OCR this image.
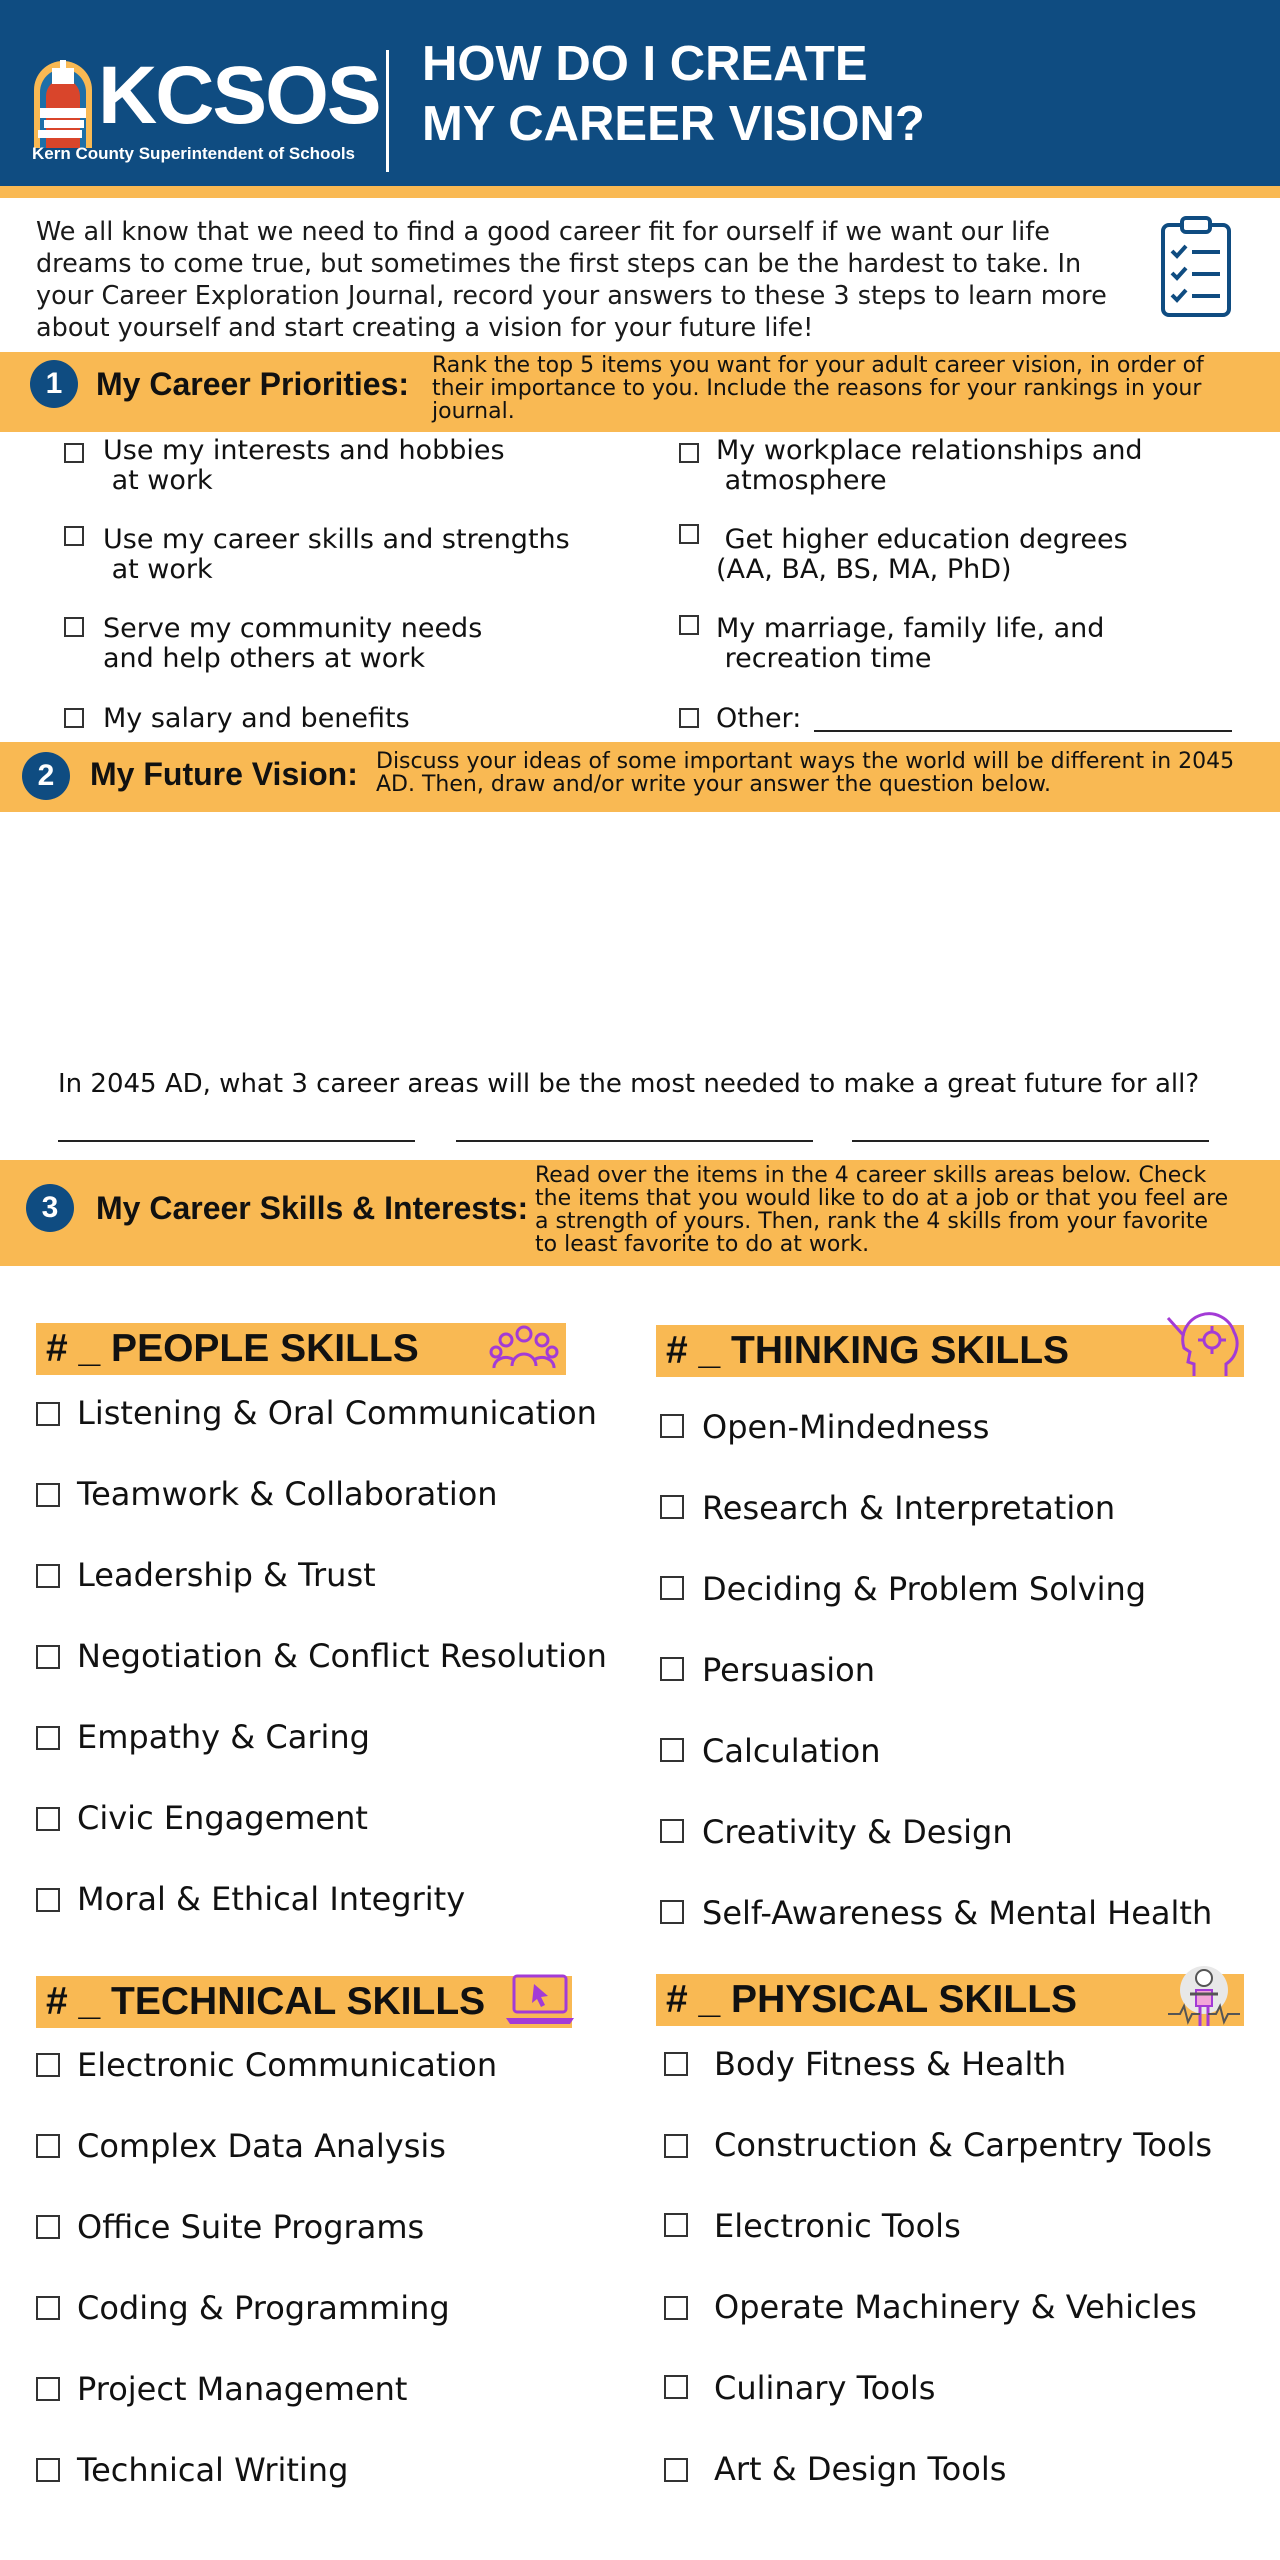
KCSOS
Kern County Superintendent of Schools
HOW DO I CREATE
MY CAREER VISION?
We all know that we need to find a good career fit for ourself if we want our life dreams to come true, but sometimes the first steps can be the hardest to take. In your Career Exploration Journal, record your answers to these 3 steps to learn more about yourself and start creating a vision for your future life!
1	My Career Priorities:
Rank the top 5 items you want for your adult career vision, in order of their importance to you. Include the reasons for your rankings in your journal.
Use my interests and hobbies
at work
Use my career skills and strengths
at work
Serve my community needs
and help others at work
My salary and benefits
My workplace relationships and
atmosphere
Get higher education degrees
(AA, BA, BS, MA, PhD)
My marriage, family life, and
recreation time
Other:
2	My Future Vision: Discuss your ideas of some important ways the world will be different in 2045 AD. Then, draw and/or write your answer the question below.
In 2045 AD, what 3 career areas will be the most needed to make a great future for all?
3	My Career Skills & Interests:
Read over the items in the 4 career skills areas below. Check the items that you would like to do at a job or that you feel are a strength of yours. Then, rank the 4 skills from your favorite to least favorite to do at work.
# _ PEOPLE SKILLS
Listening & Oral Communication
Teamwork & Collaboration
Leadership & Trust
Negotiation & Conflict Resolution
Empathy & Caring
Civic Engagement
Moral & Ethical Integrity
# _ THINKING SKILLS
Open-Mindedness
Research & Interpretation
Deciding & Problem Solving
Persuasion
Calculation
Creativity & Design
Self-Awareness & Mental Health
# _ TECHNICAL SKILLS
Electronic Communication
Complex Data Analysis
Office Suite Programs
Coding & Programming
Project Management
Technical Writing
# _ PHYSICAL SKILLS
Body Fitness & Health
Construction & Carpentry Tools
Electronic Tools
Operate Machinery & Vehicles
Culinary Tools
Art & Design Tools
